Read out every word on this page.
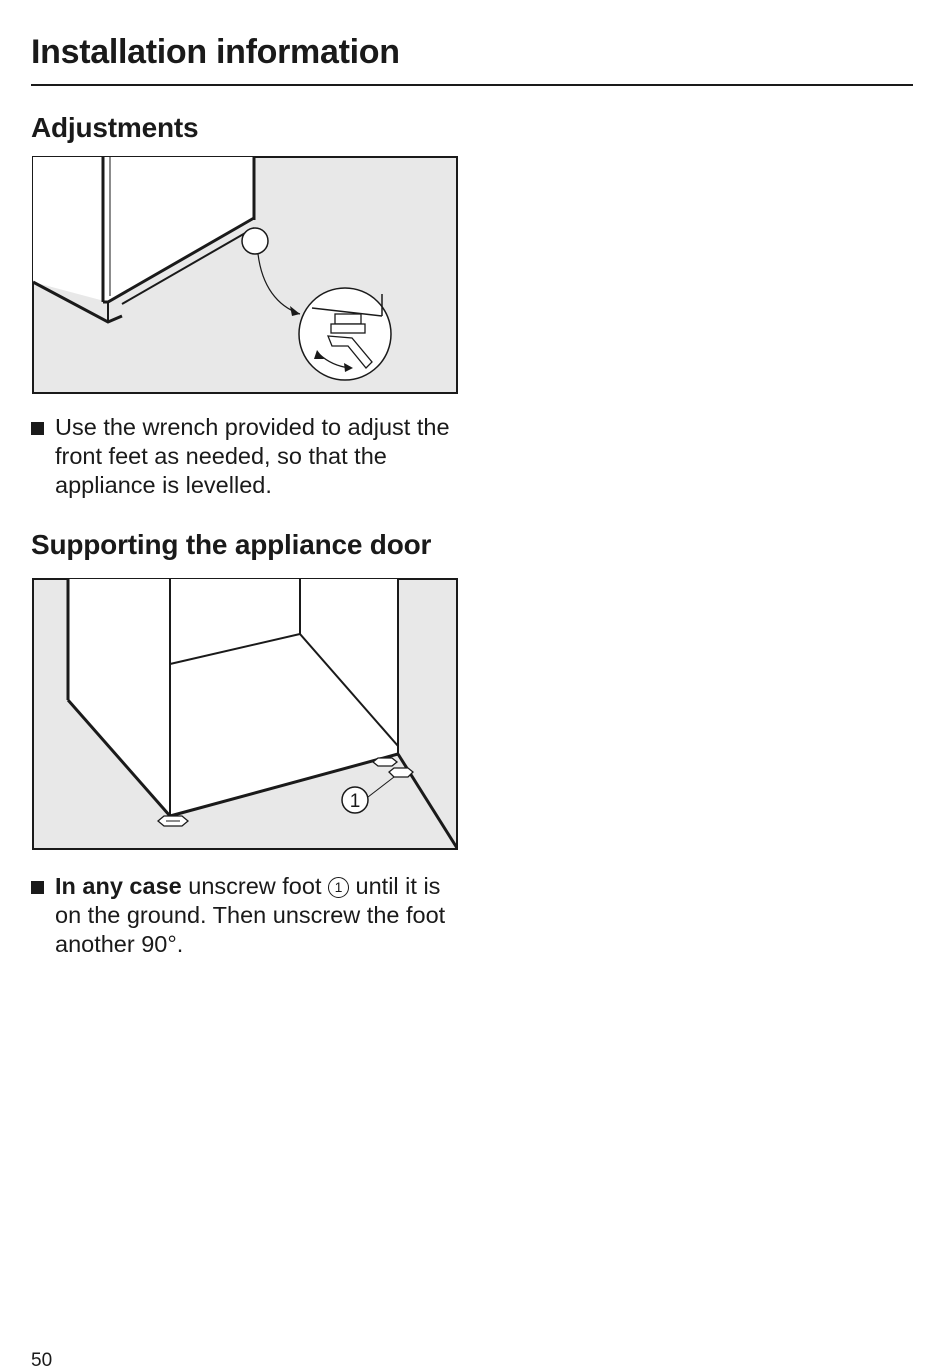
Installation information
Adjustments
Use the wrench provided to adjust the front feet as needed, so that the appliance is levelled.
Supporting the appliance door
1
In any case unscrew foot 1 until it is on the ground. Then unscrew the foot another 90°.
50
